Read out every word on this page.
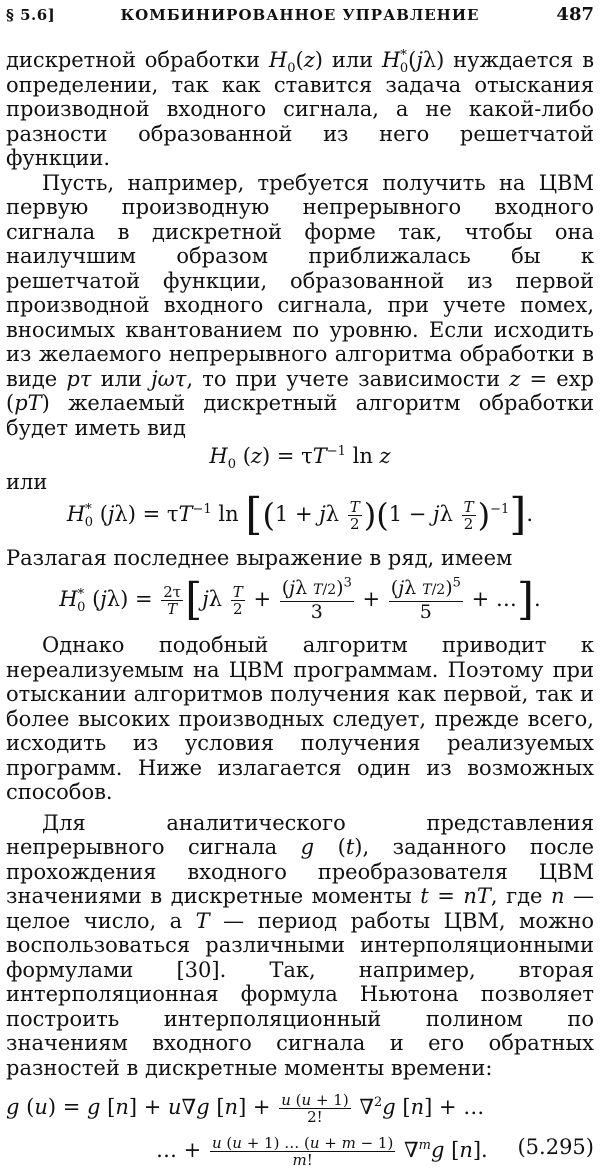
§ 5.6]	КОМБИНИРОВАННОЕ УПРАВЛЕНИЕ	487

дискретной обработки $H_0(z)$ или $H^*_0(j\lambda)$ нуждается в определении, так как ставится задача отыскания производной входного сигнала, а не какой-либо разности образованной из него решетчатой функции.

Пусть, например, требуется получить на ЦВМ первую производную непрерывного входного сигнала в дискретной форме так, чтобы она наилучшим образом приближалась бы к решетчатой функции, образованной из первой производной входного сигнала, при учете помех, вносимых квантованием по уровню. Если исходить из желаемого непрерывного алгоритма обработки в виде pτ или jωτ, то при учете зависимости z = exp (pT) желаемый дискретный алгоритм обработки будет иметь вид

$H_0$ $(z) = \tau T^{-1}$ ln z

или

$H^*_0$ $(j\lambda) = \tau T^{-1}$ ln [(1 + jλ $\frac{T}{2} )(1 - j\lambda \frac{T}{2} )^{-1}$].

Разлагая последнее выражение в ряд, имеем

$H^*_0$ $(j\lambda) = \frac{2\tau}{T} [j\lambda \frac{T}{2} + \frac{(j\lambda T/2)^3}{3} + \frac{(j\lambda T/2)^5}{5}$ + …].

Однако подобный алгоритм приводит к нереализуемым на ЦВМ программам. Поэтому при отыскании алгоритмов получения как первой, так и более высоких производных следует, прежде всего, исходить из условия получения реализуемых программ. Ниже излагается один из возможных способов.

Для аналитического представления непрерывного сигнала g (t), заданного после прохождения входного преобразователя ЦВМ значениями в дискретные моменты t = nT, где n — целое число, а T — период работы ЦВМ, можно воспользоваться различными интерполяционными формулами [30]. Так, например, вторая интерполяционная формула Ньютона позволяет построить интерполяционный полином по значениям входного сигнала и его обратных разностей в дискретные моменты времени:

g (u) = g [n] + u∇g $[n] + \frac{u (u + 1)}{2!} \nabla^2g$ [n] + …
… + $\frac{u (u + 1) \dots (u + m - 1)}{m!} \nabla^mg$ [n]. (5.295)
